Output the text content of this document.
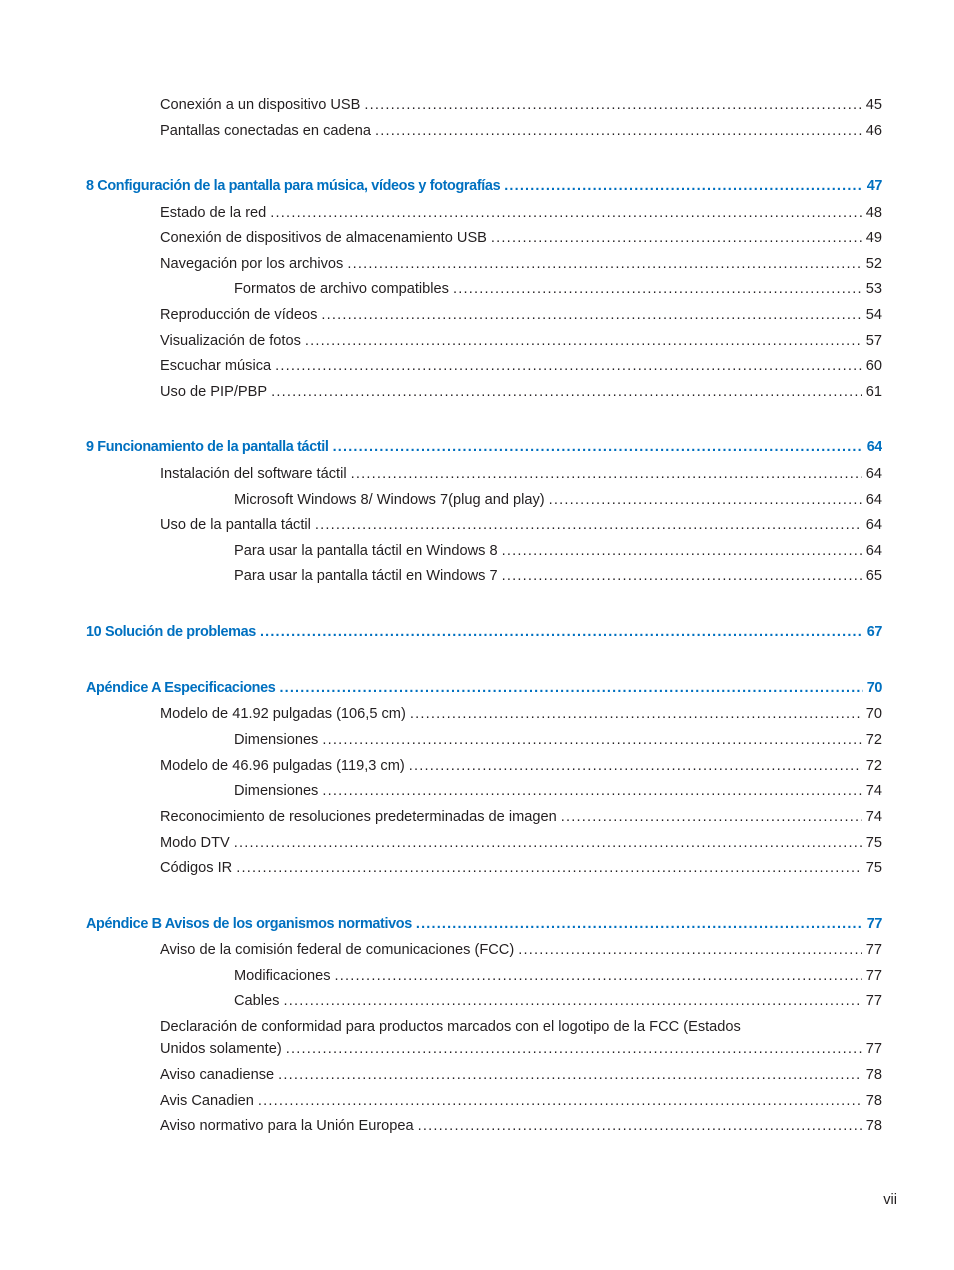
Conexión a un dispositivo USB .....	45
Pantallas conectadas en cadena .....	46
8 Configuración de la pantalla para música, vídeos y fotografías .....	47
Estado de la red .....	48
Conexión de dispositivos de almacenamiento USB .....	49
Navegación por los archivos .....	52
Formatos de archivo compatibles .....	53
Reproducción de vídeos .....	54
Visualización de fotos .....	57
Escuchar música .....	60
Uso de PIP/PBP .....	61
9 Funcionamiento de la pantalla táctil .....	64
Instalación del software táctil .....	64
Microsoft Windows 8/ Windows 7(plug and play) .....	64
Uso de la pantalla táctil .....	64
Para usar la pantalla táctil en Windows 8 .....	64
Para usar la pantalla táctil en Windows 7 .....	65
10 Solución de problemas .....	67
Apéndice A Especificaciones .....	70
Modelo de 41.92 pulgadas (106,5 cm) .....	70
Dimensiones .....	72
Modelo de 46.96 pulgadas (119,3 cm) .....	72
Dimensiones .....	74
Reconocimiento de resoluciones predeterminadas de imagen .....	74
Modo DTV .....	75
Códigos IR .....	75
Apéndice B Avisos de los organismos normativos .....	77
Aviso de la comisión federal de comunicaciones (FCC) .....	77
Modificaciones .....	77
Cables .....	77
Declaración de conformidad para productos marcados con el logotipo de la FCC (Estados
Unidos solamente) .....	77
Aviso canadiense .....	78
Avis Canadien .....	78
Aviso normativo para la Unión Europea .....	78
vii
